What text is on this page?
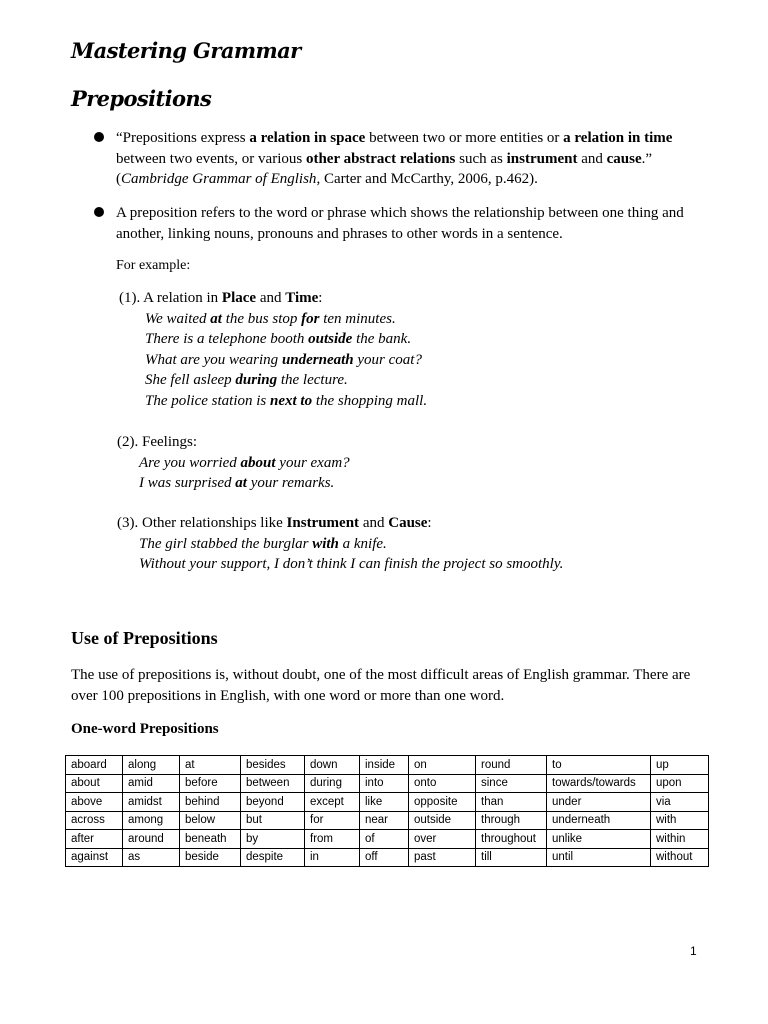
Mastering Grammar
Prepositions
“Prepositions express a relation in space between two or more entities or a relation in time
between two events, or various other abstract relations such as instrument and cause.”
(Cambridge Grammar of English, Carter and McCarthy, 2006, p.462).
A preposition refers to the word or phrase which shows the relationship between one thing and
another, linking nouns, pronouns and phrases to other words in a sentence.
For example:
(1). A relation in Place and Time:
We waited at the bus stop for ten minutes.
There is a telephone booth outside the bank.
What are you wearing underneath your coat?
She fell asleep during the lecture.
The police station is next to the shopping mall.
(2). Feelings:
Are you worried about your exam?
I was surprised at your remarks.
(3). Other relationships like Instrument and Cause:
The girl stabbed the burglar with a knife.
Without your support, I don’t think I can finish the project so smoothly.
Use of Prepositions
The use of prepositions is, without doubt, one of the most difficult areas of English grammar. There are
over 100 prepositions in English, with one word or more than one word.
One-word Prepositions
aboard	along	at	besides	down	inside	on	round	to	up
about	amid	before	between	during	into	onto	since	towards/towards	upon
above	amidst	behind	beyond	except	like	opposite	than	under	via
across	among	below	but	for	near	outside	through	underneath	with
after	around	beneath	by	from	of	over	throughout	unlike	within
against	as	beside	despite	in	off	past	till	until	without
1
